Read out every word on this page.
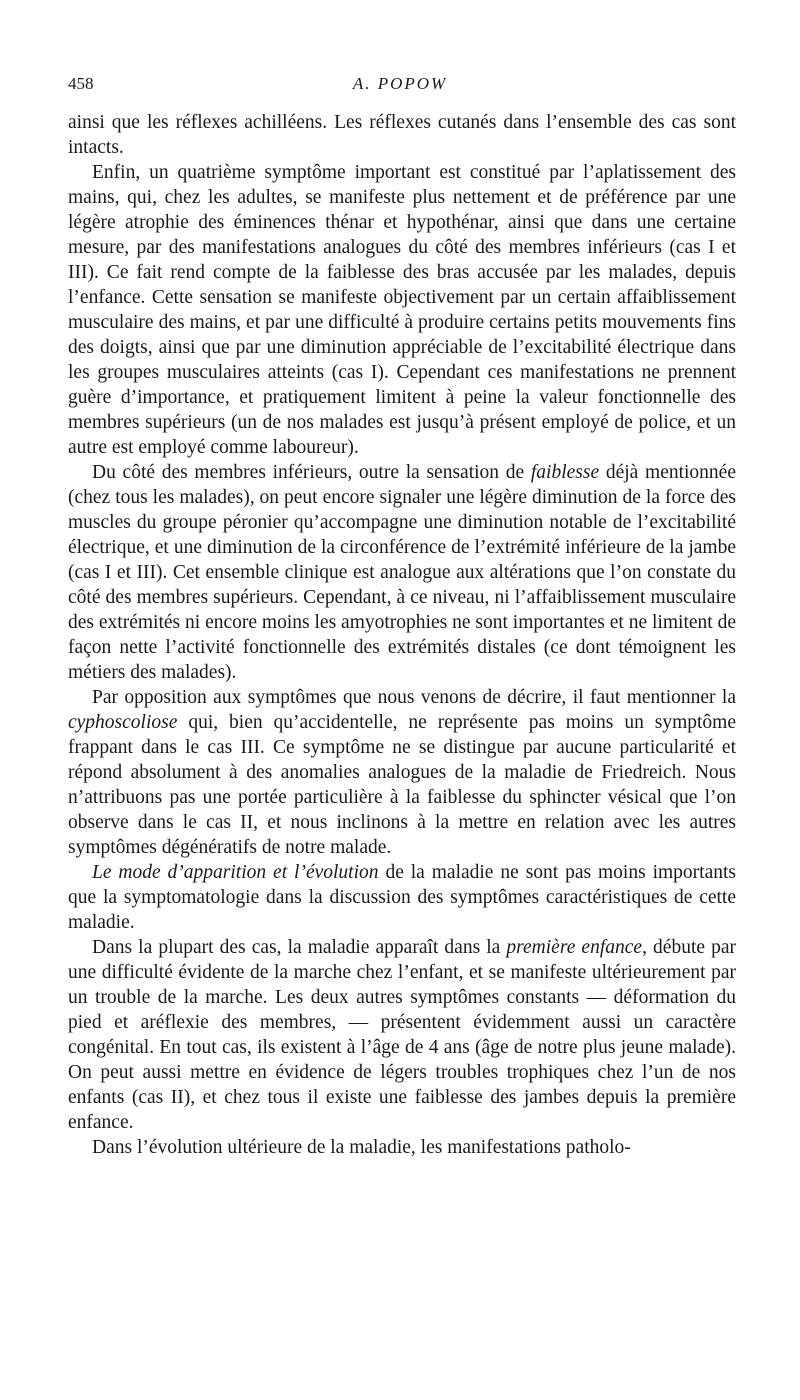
458	A. POPOW

ainsi que les réflexes achilléens. Les réflexes cutanés dans l’ensemble des cas sont intacts.

Enfin, un quatrième symptôme important est constitué par l’aplatissement des mains, qui, chez les adultes, se manifeste plus nettement et de préférence par une légère atrophie des éminences thénar et hypothénar, ainsi que dans une certaine mesure, par des manifestations analogues du côté des membres inférieurs (cas I et III). Ce fait rend compte de la faiblesse des bras accusée par les malades, depuis l’enfance. Cette sensation se manifeste objectivement par un certain affaiblissement musculaire des mains, et par une difficulté à produire certains petits mouvements fins des doigts, ainsi que par une diminution appréciable de l’excitabilité électrique dans les groupes musculaires atteints (cas I). Cependant ces manifestations ne prennent guère d’importance, et pratiquement limitent à peine la valeur fonctionnelle des membres supérieurs (un de nos malades est jusqu’à présent employé de police, et un autre est employé comme laboureur).

Du côté des membres inférieurs, outre la sensation de faiblesse déjà mentionnée (chez tous les malades), on peut encore signaler une légère diminution de la force des muscles du groupe péronier qu’accompagne une diminution notable de l’excitabilité électrique, et une diminution de la circonférence de l’extrémité inférieure de la jambe (cas I et III). Cet ensemble clinique est analogue aux altérations que l’on constate du côté des membres supérieurs. Cependant, à ce niveau, ni l’affaiblissement musculaire des extrémités ni encore moins les amyotrophies ne sont importantes et ne limitent de façon nette l’activité fonctionnelle des extrémités distales (ce dont témoignent les métiers des malades).

Par opposition aux symptômes que nous venons de décrire, il faut mentionner la cyphoscoliose qui, bien qu’accidentelle, ne représente pas moins un symptôme frappant dans le cas III. Ce symptôme ne se distingue par aucune particularité et répond absolument à des anomalies analogues de la maladie de Friedreich. Nous n’attribuons pas une portée particulière à la faiblesse du sphincter vésical que l’on observe dans le cas II, et nous inclinons à la mettre en relation avec les autres symptômes dégénératifs de notre malade.

Le mode d’apparition et l’évolution de la maladie ne sont pas moins importants que la symptomatologie dans la discussion des symptômes caractéristiques de cette maladie.

Dans la plupart des cas, la maladie apparaît dans la première enfance, débute par une difficulté évidente de la marche chez l’enfant, et se manifeste ultérieurement par un trouble de la marche. Les deux autres symptômes constants — déformation du pied et aréflexie des membres, — présentent évidemment aussi un caractère congénital. En tout cas, ils existent à l’âge de 4 ans (âge de notre plus jeune malade). On peut aussi mettre en évidence de légers troubles trophiques chez l’un de nos enfants (cas II), et chez tous il existe une faiblesse des jambes depuis la première enfance.

Dans l’évolution ultérieure de la maladie, les manifestations patholo-
